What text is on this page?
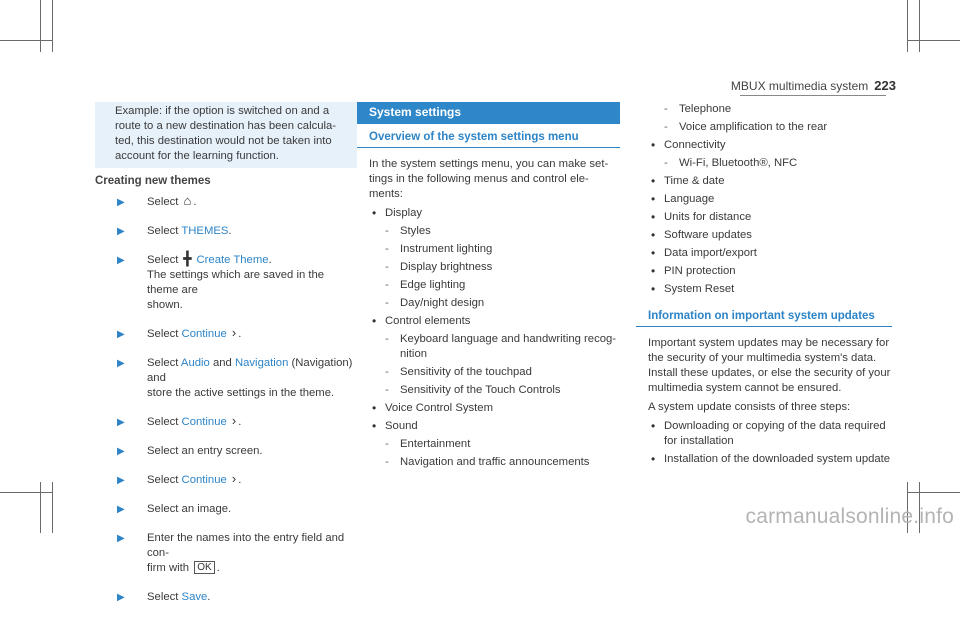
MBUX multimedia system 223
Example: if the option is switched on and a
route to a new destination has been calcula-
ted, this destination would not be taken into
account for the learning function.
Creating new themes
▶ Select ⌂ .
▶ Select THEMES.
▶ Select ╋ Create Theme.
The settings which are saved in the theme are
shown.
▶ Select Continue › .
▶ Select Audio and Navigation (Navigation) and
store the active settings in the theme.
▶ Select Continue › .
▶ Select an entry screen.
▶ Select Continue › .
▶ Select an image.
▶ Enter the names into the entry field and con-
firm with OK .
▶ Select Save.
System settings
Overview of the system settings menu

In the system settings menu, you can make set-
tings in the following menus and control ele-
ments:

• Display
- Styles
- Instrument lighting
- Display brightness
- Edge lighting
- Day/night design
• Control elements
- Keyboard language and handwriting recog-
nition
- Sensitivity of the touchpad
- Sensitivity of the Touch Controls
• Voice Control System
• Sound
- Entertainment
- Navigation and traffic announcements
- Telephone
- Voice amplification to the rear
• Connectivity
- Wi-Fi, Bluetooth®, NFC
• Time & date
• Language
• Units for distance
• Software updates
• Data import/export
• PIN protection
• System Reset
Information on important system updates

Important system updates may be necessary for
the security of your multimedia system's data.
Install these updates, or else the security of your
multimedia system cannot be ensured.

A system update consists of three steps:

• Downloading or copying of the data required
for installation
• Installation of the downloaded system update
carmanualsonline.info
